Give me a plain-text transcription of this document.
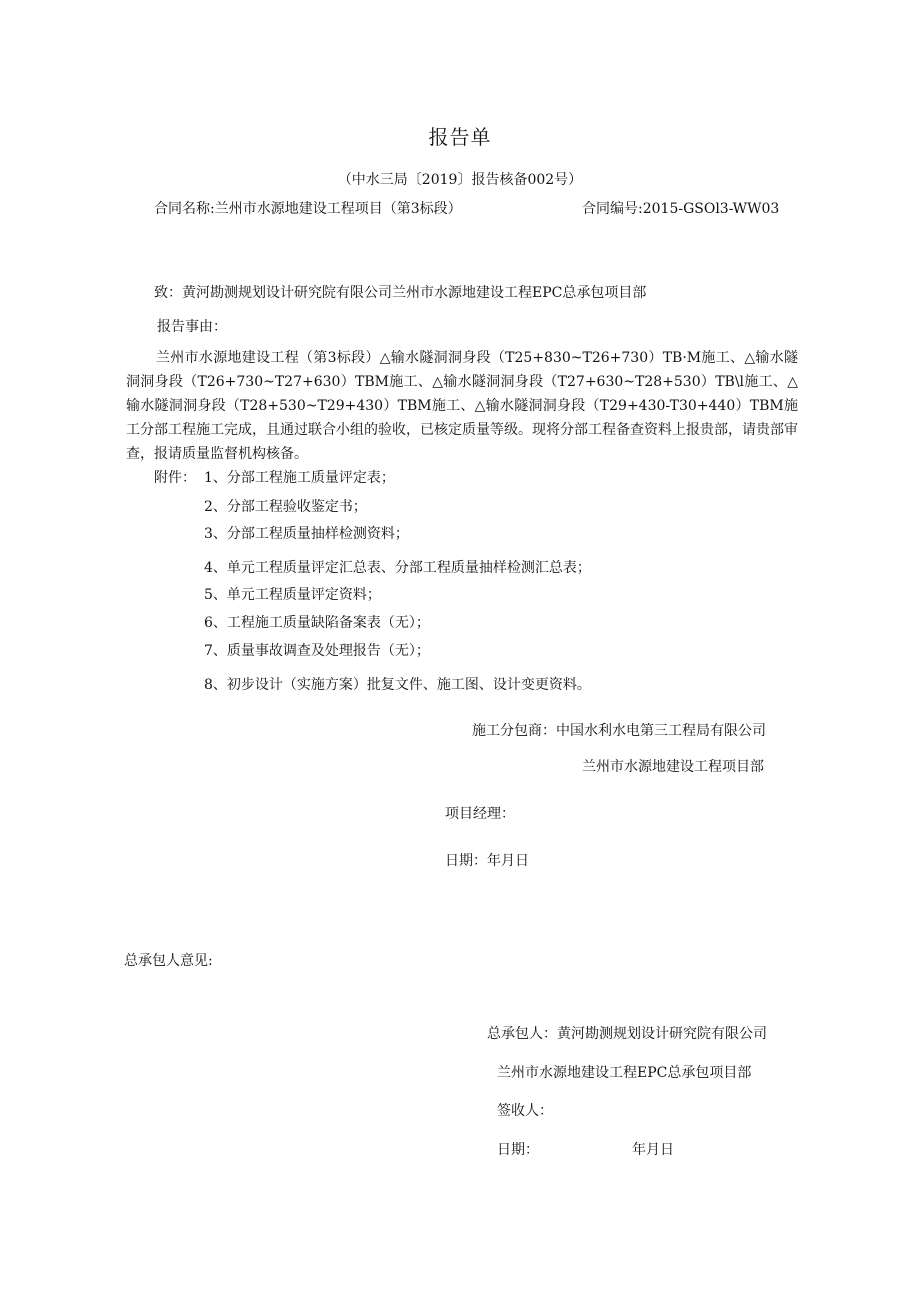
报告单
（中水三局〔2019〕报告核备002号）
合同名称:兰州市水源地建设工程项目（第3标段）	合同编号:2015-GSOl3-WW03
致：黄河勘测规划设计研究院有限公司兰州市水源地建设工程EPC总承包项目部
报告事由：
兰州市水源地建设工程（第3标段）△输水隧洞洞身段（T25+830~T26+730）TB·M施工、△输水隧洞洞身段（T26+730~T27+630）TBM施工、△输水隧洞洞身段（T27+630~T28+530）TB\l施工、△输水隧洞洞身段（T28+530~T29+430）TBM施工、△输水隧洞洞身段（T29+430-T30+440）TBM施工分部工程施工完成，且通过联合小组的验收，已核定质量等级。现将分部工程备查资料上报贵部，请贵部审查，报请质量监督机构核备。
附件： 1、分部工程施工质量评定表；
2、分部工程验收鉴定书；
3、分部工程质量抽样检测资料；
4、单元工程质量评定汇总表、分部工程质量抽样检测汇总表；
5、单元工程质量评定资料；
6、工程施工质量缺陷备案表（无）；
7、质量事故调查及处理报告（无）；
8、初步设计（实施方案）批复文件、施工图、设计变更资料。
施工分包商：中国水利水电第三工程局有限公司
兰州市水源地建设工程项目部
项目经理：
日期：年月日
总承包人意见:
总承包人：黄河勘测规划设计研究院有限公司
兰州市水源地建设工程EPC总承包项目部
签收人：
日期：	年月日
